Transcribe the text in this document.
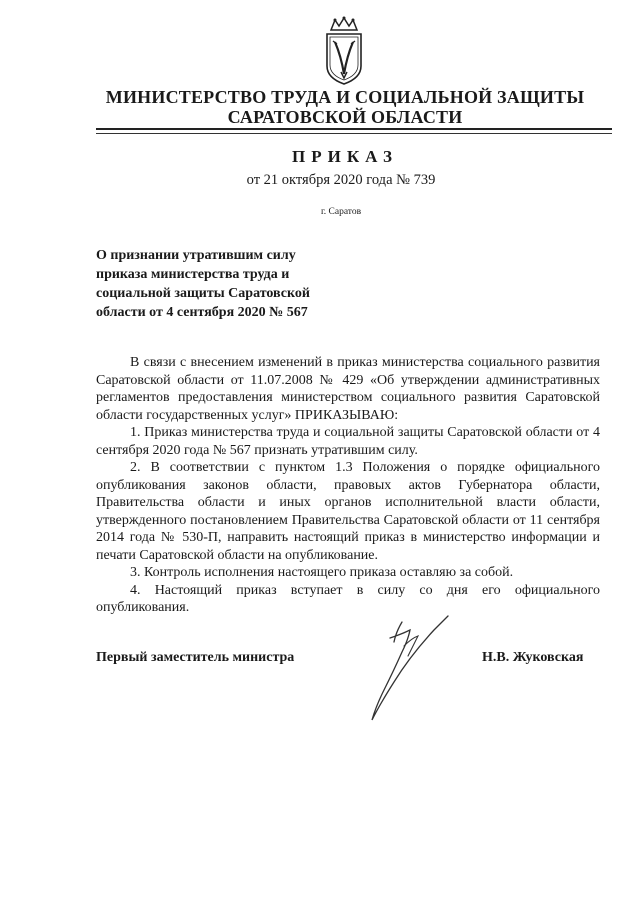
МИНИСТЕРСТВО ТРУДА И СОЦИАЛЬНОЙ ЗАЩИТЫ
САРАТОВСКОЙ ОБЛАСТИ
ПРИКАЗ
от 21 октября 2020 года № 739
г. Саратов
О признании утратившим силу
приказа министерства труда и
социальной защиты Саратовской
области от 4 сентября 2020 № 567

В связи с внесением изменений в приказ министерства социального развития Саратовской области от 11.07.2008 № 429 «Об утверждении административных регламентов предоставления министерством социального развития Саратовской области государственных услуг» ПРИКАЗЫВАЮ:

1. Приказ министерства труда и социальной защиты Саратовской области от 4 сентября 2020 года № 567 признать утратившим силу.

2. В соответствии с пунктом 1.3 Положения о порядке официального опубликования законов области, правовых актов Губернатора области, Правительства области и иных органов исполнительной власти области, утвержденного постановлением Правительства Саратовской области от 11 сентября 2014 года № 530-П, направить настоящий приказ в министерство информации и печати Саратовской области на опубликование.

3. Контроль исполнения настоящего приказа оставляю за собой.

4. Настоящий приказ вступает в силу со дня его официального опубликования.

Первый заместитель министра	Н.В. Жуковская
